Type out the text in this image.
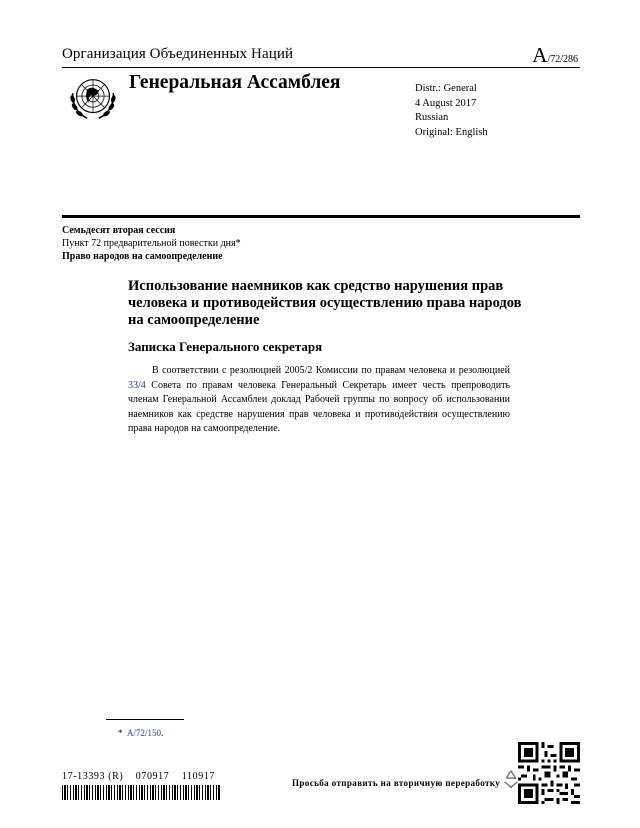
Организация Объединенных Наций	A/72/286
Генеральная Ассамблея	Distr.: General
4 August 2017
Russian
Original: English
Семьдесят вторая сессия
Пункт 72 предварительной повестки дня*
Право народов на самоопределение
Использование наемников как средство нарушения прав человека и противодействия осуществлению права народов на самоопределение
Записка Генерального секретаря
В соответствии с резолюцией 2005/2 Комиссии по правам человека и резолюцией 33/4 Совета по правам человека Генеральный Секретарь имеет честь препроводить членам Генеральной Ассамблеи доклад Рабочей группы по вопросу об использовании наемников как средстве нарушения прав человека и противодействия осуществлению права народов на самоопределение.
* A/72/150.
17-13393 (R)    070917    110917
Просьба отправить на вторичную переработку
